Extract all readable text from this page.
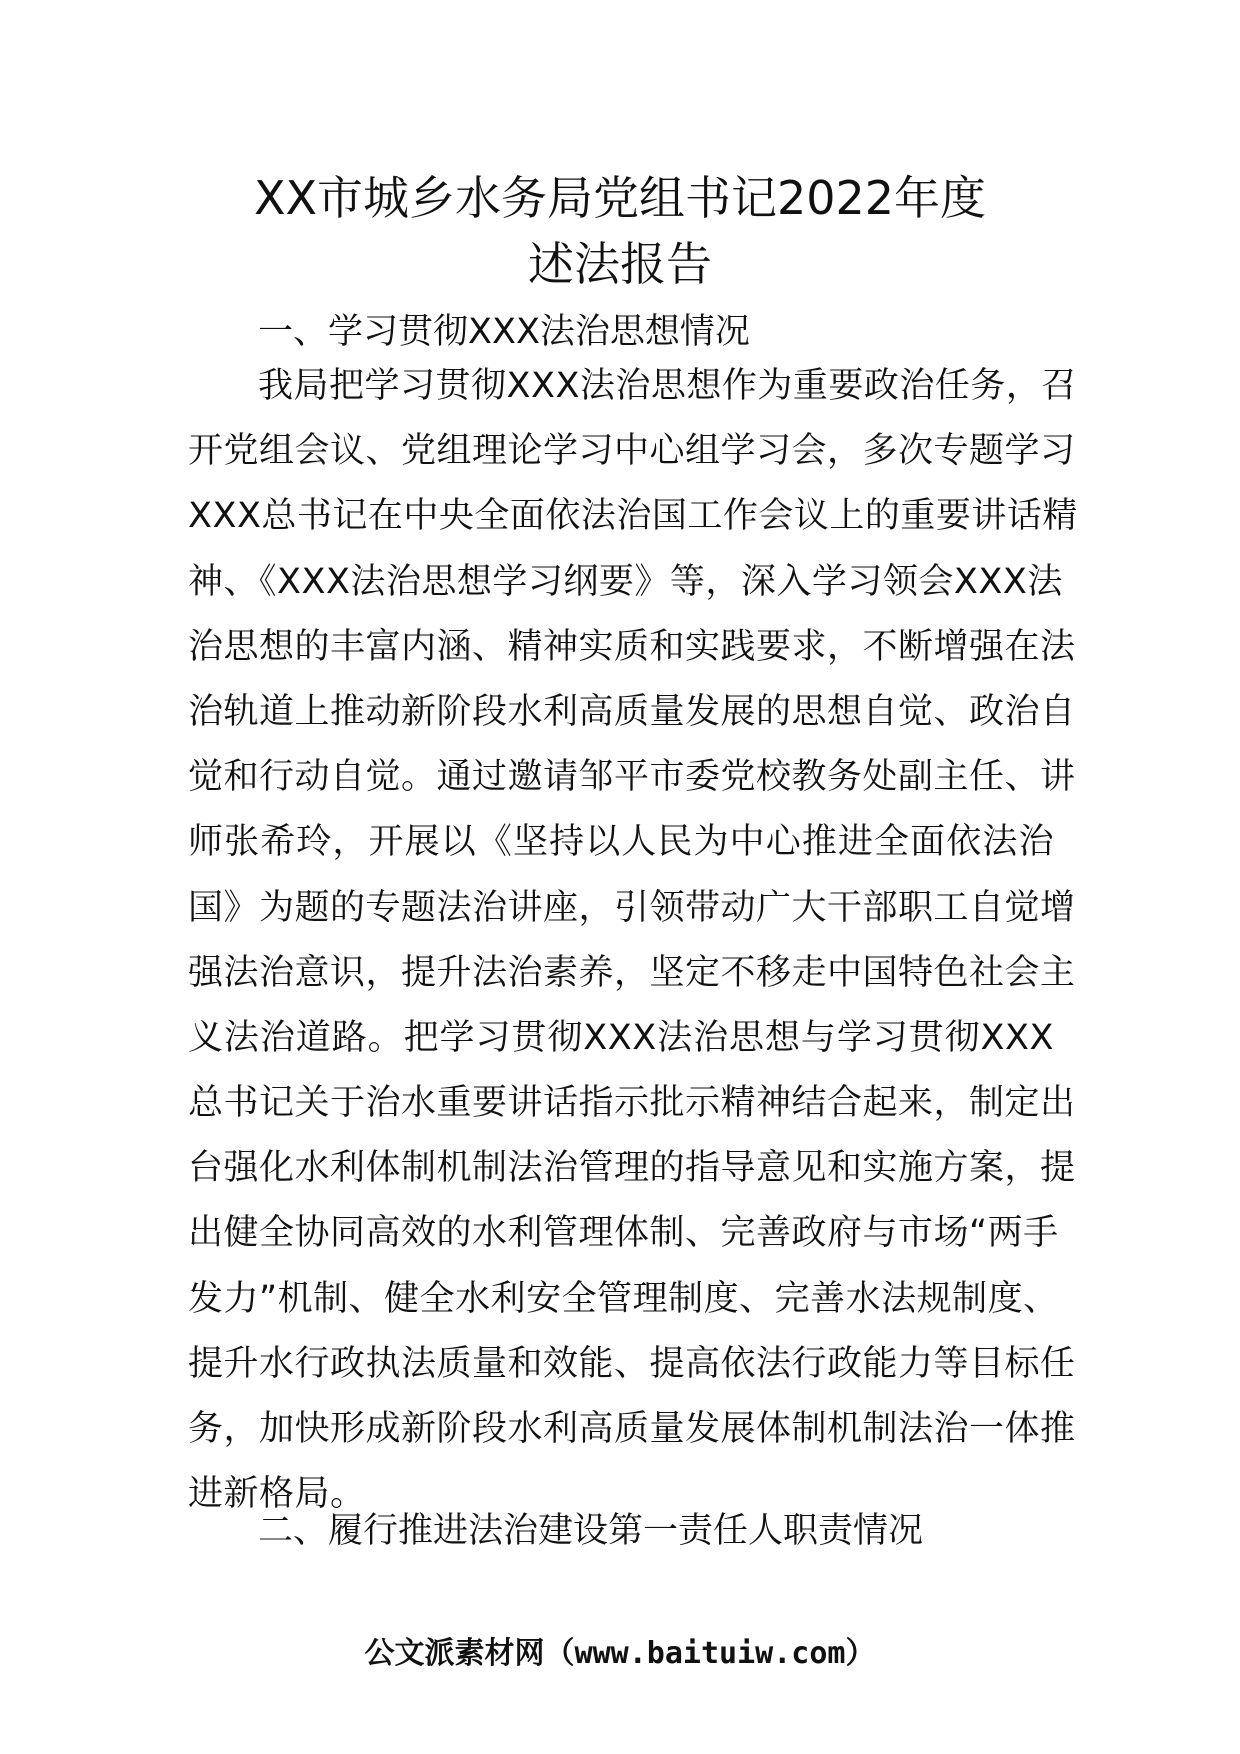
XX市城乡水务局党组书记2022年度
述法报告
一、学习贯彻XXX法治思想情况
我局把学习贯彻XXX法治思想作为重要政治任务，召
开党组会议、党组理论学习中心组学习会，多次专题学习
XXX总书记在中央全面依法治国工作会议上的重要讲话精
神、《XXX法治思想学习纲要》等，深入学习领会XXX法
治思想的丰富内涵、精神实质和实践要求，不断增强在法
治轨道上推动新阶段水利高质量发展的思想自觉、政治自
觉和行动自觉。通过邀请邹平市委党校教务处副主任、讲
师张希玲，开展以《坚持以人民为中心推进全面依法治
国》为题的专题法治讲座，引领带动广大干部职工自觉增
强法治意识，提升法治素养，坚定不移走中国特色社会主
义法治道路。把学习贯彻XXX法治思想与学习贯彻XXX
总书记关于治水重要讲话指示批示精神结合起来，制定出
台强化水利体制机制法治管理的指导意见和实施方案，提
出健全协同高效的水利管理体制、完善政府与市场“两手
发力”机制、健全水利安全管理制度、完善水法规制度、
提升水行政执法质量和效能、提高依法行政能力等目标任
务，加快形成新阶段水利高质量发展体制机制法治一体推
进新格局。
二、履行推进法治建设第一责任人职责情况
公文派素材网（www.baituiw.com）
